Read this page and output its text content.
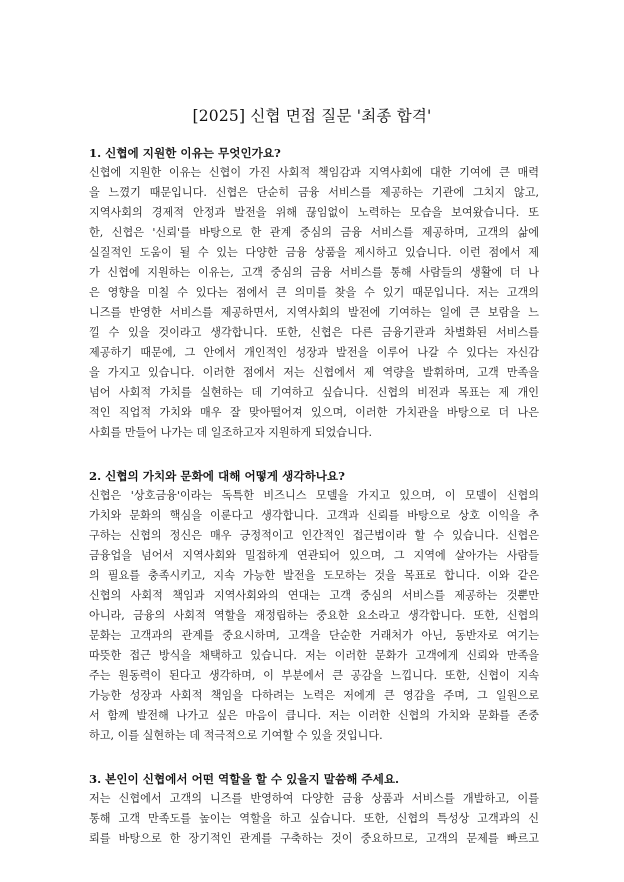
[2025] 신협 면접 질문 '최종 합격'
1. 신협에 지원한 이유는 무엇인가요?
신협에 지원한 이유는 신협이 가진 사회적 책임감과 지역사회에 대한 기여에 큰 매력
을 느꼈기 때문입니다. 신협은 단순히 금융 서비스를 제공하는 기관에 그치지 않고,
지역사회의 경제적 안정과 발전을 위해 끊임없이 노력하는 모습을 보여왔습니다. 또
한, 신협은 '신뢰'를 바탕으로 한 관계 중심의 금융 서비스를 제공하며, 고객의 삶에
실질적인 도움이 될 수 있는 다양한 금융 상품을 제시하고 있습니다. 이런 점에서 제
가 신협에 지원하는 이유는, 고객 중심의 금융 서비스를 통해 사람들의 생활에 더 나
은 영향을 미칠 수 있다는 점에서 큰 의미를 찾을 수 있기 때문입니다. 저는 고객의
니즈를 반영한 서비스를 제공하면서, 지역사회의 발전에 기여하는 일에 큰 보람을 느
낄 수 있을 것이라고 생각합니다. 또한, 신협은 다른 금융기관과 차별화된 서비스를
제공하기 때문에, 그 안에서 개인적인 성장과 발전을 이루어 나갈 수 있다는 자신감
을 가지고 있습니다. 이러한 점에서 저는 신협에서 제 역량을 발휘하며, 고객 만족을
넘어 사회적 가치를 실현하는 데 기여하고 싶습니다. 신협의 비전과 목표는 제 개인
적인 직업적 가치와 매우 잘 맞아떨어져 있으며, 이러한 가치관을 바탕으로 더 나은
사회를 만들어 나가는 데 일조하고자 지원하게 되었습니다.
2. 신협의 가치와 문화에 대해 어떻게 생각하나요?
신협은 '상호금융'이라는 독특한 비즈니스 모델을 가지고 있으며, 이 모델이 신협의
가치와 문화의 핵심을 이룬다고 생각합니다. 고객과 신뢰를 바탕으로 상호 이익을 추
구하는 신협의 정신은 매우 긍정적이고 인간적인 접근법이라 할 수 있습니다. 신협은
금융업을 넘어서 지역사회와 밀접하게 연관되어 있으며, 그 지역에 살아가는 사람들
의 필요를 충족시키고, 지속 가능한 발전을 도모하는 것을 목표로 합니다. 이와 같은
신협의 사회적 책임과 지역사회와의 연대는 고객 중심의 서비스를 제공하는 것뿐만
아니라, 금융의 사회적 역할을 재정립하는 중요한 요소라고 생각합니다. 또한, 신협의
문화는 고객과의 관계를 중요시하며, 고객을 단순한 거래처가 아닌, 동반자로 여기는
따뜻한 접근 방식을 채택하고 있습니다. 저는 이러한 문화가 고객에게 신뢰와 만족을
주는 원동력이 된다고 생각하며, 이 부분에서 큰 공감을 느낍니다. 또한, 신협이 지속
가능한 성장과 사회적 책임을 다하려는 노력은 저에게 큰 영감을 주며, 그 일원으로
서 함께 발전해 나가고 싶은 마음이 큽니다. 저는 이러한 신협의 가치와 문화를 존중
하고, 이를 실현하는 데 적극적으로 기여할 수 있을 것입니다.
3. 본인이 신협에서 어떤 역할을 할 수 있을지 말씀해 주세요.
저는 신협에서 고객의 니즈를 반영하여 다양한 금융 상품과 서비스를 개발하고, 이를
통해 고객 만족도를 높이는 역할을 하고 싶습니다. 또한, 신협의 특성상 고객과의 신
뢰를 바탕으로 한 장기적인 관계를 구축하는 것이 중요하므로, 고객의 문제를 빠르고
